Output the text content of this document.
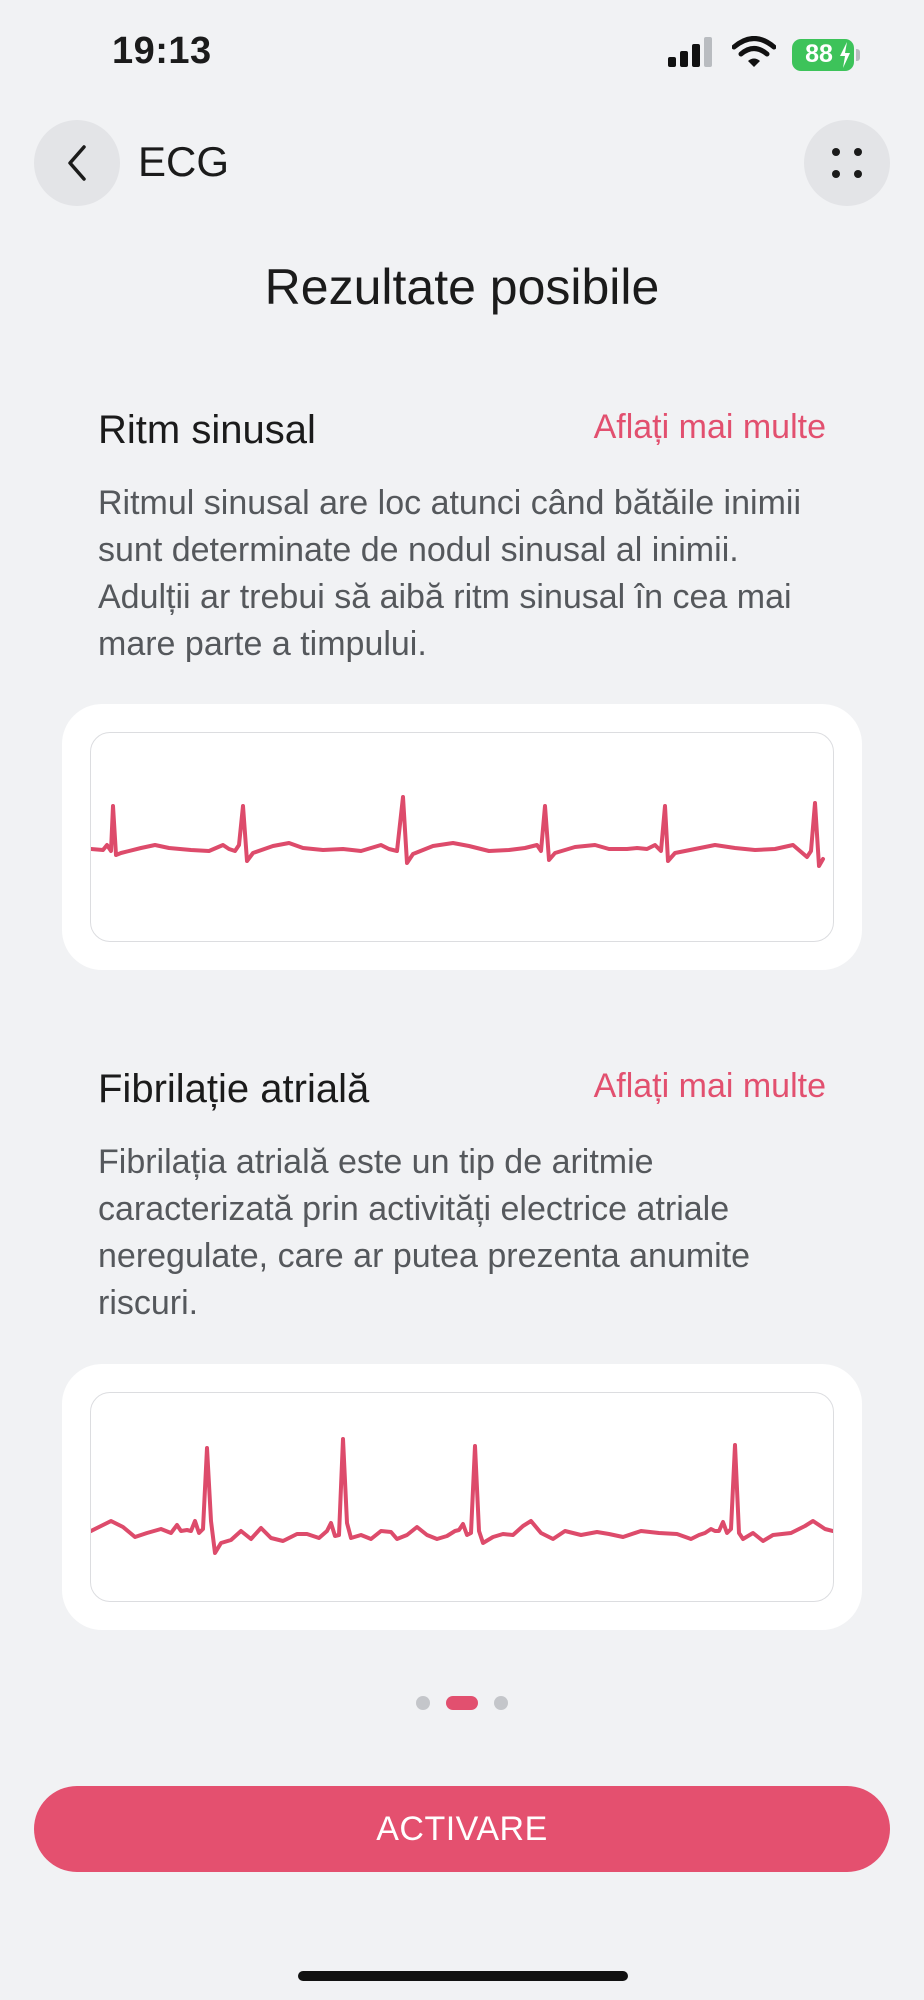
19:13	88
ECG
Rezultate posibile
Ritm sinusal	Aflați mai multe
Ritmul sinusal are loc atunci când bătăile inimii sunt determinate de nodul sinusal al inimii. Adulții ar trebui să aibă ritm sinusal în cea mai mare parte a timpului.
Fibrilație atrială	Aflați mai multe
Fibrilația atrială este un tip de aritmie caracterizată prin activități electrice atriale neregulate, care ar putea prezenta anumite riscuri.
ACTIVARE
